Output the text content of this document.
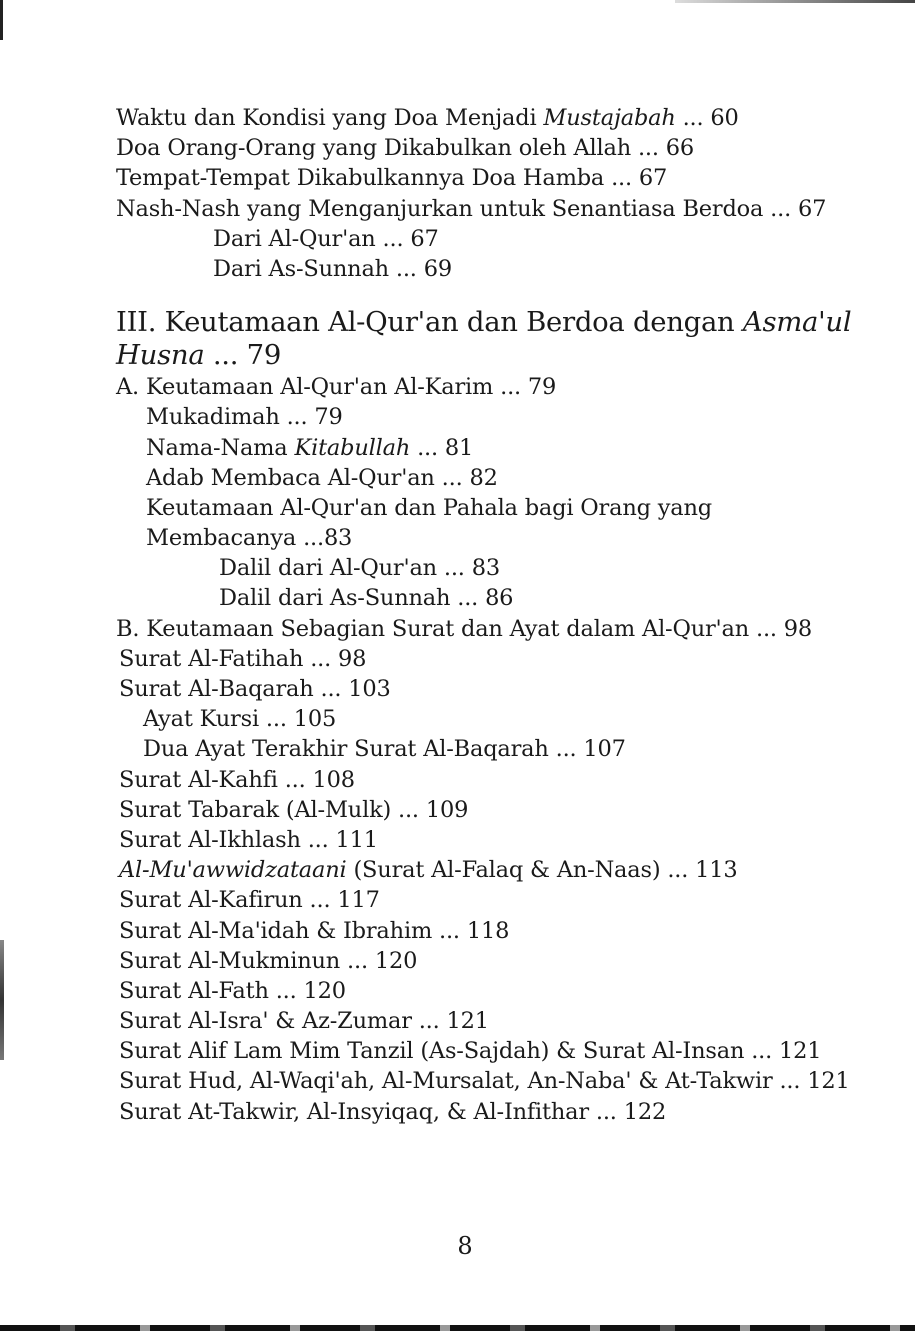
Waktu dan Kondisi yang Doa Menjadi Mustajabah ... 60
Doa Orang-Orang yang Dikabulkan oleh Allah ... 66
Tempat-Tempat Dikabulkannya Doa Hamba ... 67
Nash-Nash yang Menganjurkan untuk Senantiasa Berdoa ... 67
Dari Al-Qur'an ... 67
Dari As-Sunnah ... 69
III. Keutamaan Al-Qur'an dan Berdoa dengan Asma'ul
Husna ... 79
A. Keutamaan Al-Qur'an Al-Karim ... 79
Mukadimah ... 79
Nama-Nama Kitabullah ... 81
Adab Membaca Al-Qur'an ... 82
Keutamaan Al-Qur'an dan Pahala bagi Orang yang
Membacanya ...83
Dalil dari Al-Qur'an ... 83
Dalil dari As-Sunnah ... 86
B. Keutamaan Sebagian Surat dan Ayat dalam Al-Qur'an ... 98
Surat Al-Fatihah ... 98
Surat Al-Baqarah ... 103
Ayat Kursi ... 105
Dua Ayat Terakhir Surat Al-Baqarah ... 107
Surat Al-Kahfi ... 108
Surat Tabarak (Al-Mulk) ... 109
Surat Al-Ikhlash ... 111
Al-Mu'awwidzataani (Surat Al-Falaq & An-Naas) ... 113
Surat Al-Kafirun ... 117
Surat Al-Ma'idah & Ibrahim ... 118
Surat Al-Mukminun ... 120
Surat Al-Fath ... 120
Surat Al-Isra' & Az-Zumar ... 121
Surat Alif Lam Mim Tanzil (As-Sajdah) & Surat Al-Insan ... 121
Surat Hud, Al-Waqi'ah, Al-Mursalat, An-Naba' & At-Takwir ... 121
Surat At-Takwir, Al-Insyiqaq, & Al-Infithar ... 122
8
